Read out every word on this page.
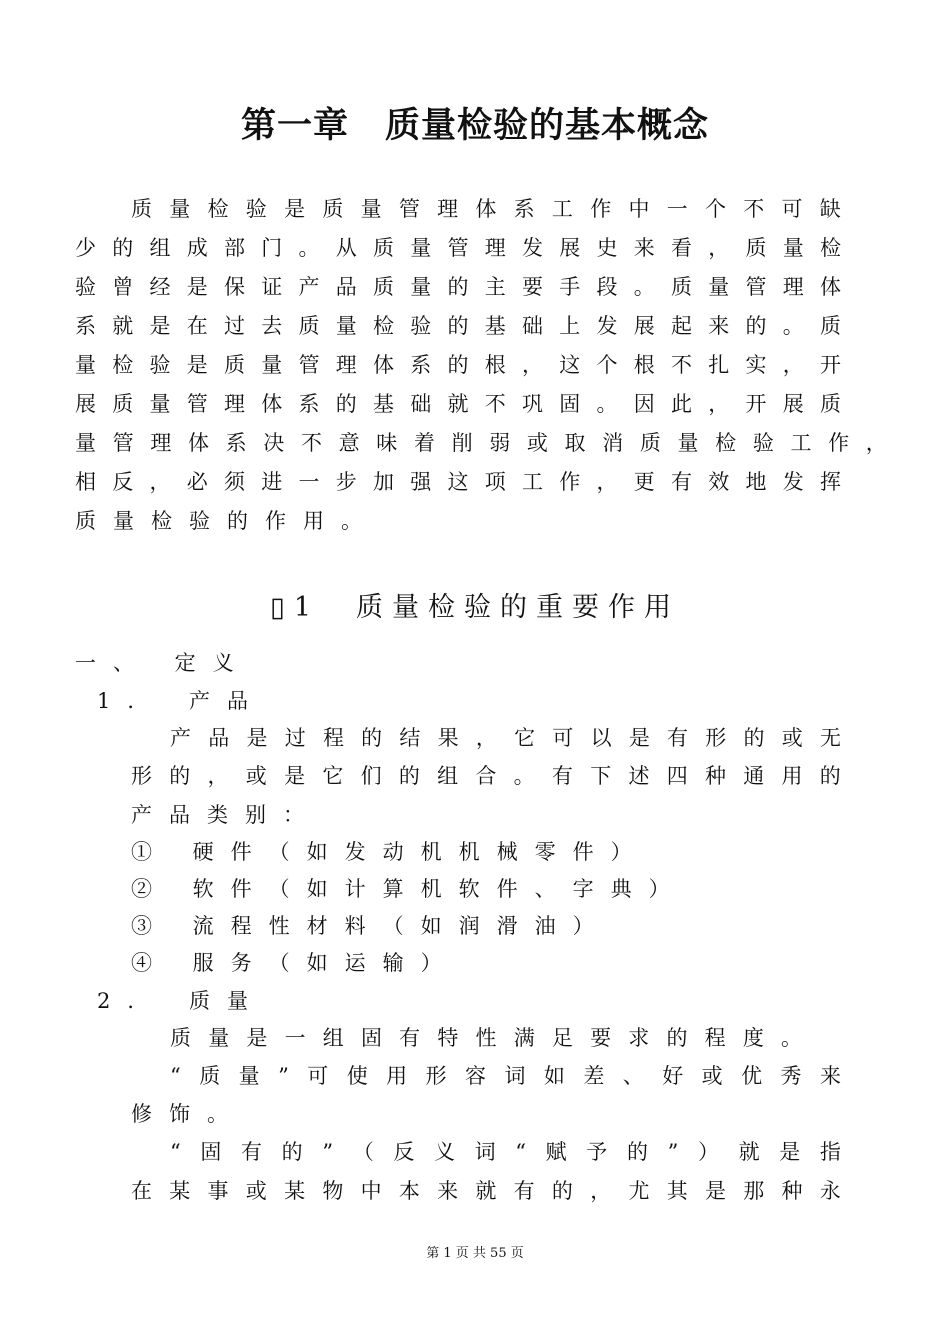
第一章　质量检验的基本概念
质 量 检 验 是 质 量 管 理 体 系 工 作 中 一 个 不 可 缺
少 的 组 成 部 门 。 从 质 量 管 理 发 展 史 来 看 ， 质 量 检
验 曾 经 是 保 证 产 品 质 量 的 主 要 手 段 。 质 量 管 理 体
系 就 是 在 过 去 质 量 检 验 的 基 础 上 发 展 起 来 的 。 质
量 检 验 是 质 量 管 理 体 系 的 根 ， 这 个 根 不 扎 实 ， 开
展 质 量 管 理 体 系 的 基 础 就 不 巩 固 。 因 此 ， 开 展 质
量 管 理 体 系 决 不 意 味 着 削 弱 或 取 消 质 量 检 验 工 作 ，
相 反 ， 必 须 进 一 步 加 强 这 项 工 作 ， 更 有 效 地 发 挥
质量检验的作用。
▯1　质量检验的重要作用
一、 定义
1． 产品
产 品 是 过 程 的 结 果 ， 它 可 以 是 有 形 的 或 无
形 的 ， 或 是 它 们 的 组 合 。 有 下 述 四 种 通 用 的
产品类别：
① 硬件（如发动机机械零件）
② 软件（如计算机软件、字典）
③ 流程性材料（如润滑油）
④ 服务（如运输）
2． 质量
质 量 是 一 组 固 有 特 性 满 足 要 求 的 程 度 。
“ 质 量 ” 可 使 用 形 容 词 如 差 、 好 或 优 秀 来
修饰。
“ 固 有 的 ” （ 反 义 词 “ 赋 予 的 ” ） 就 是 指
在 某 事 或 某 物 中 本 来 就 有 的 ， 尤 其 是 那 种 永
第 1 页 共 55 页
